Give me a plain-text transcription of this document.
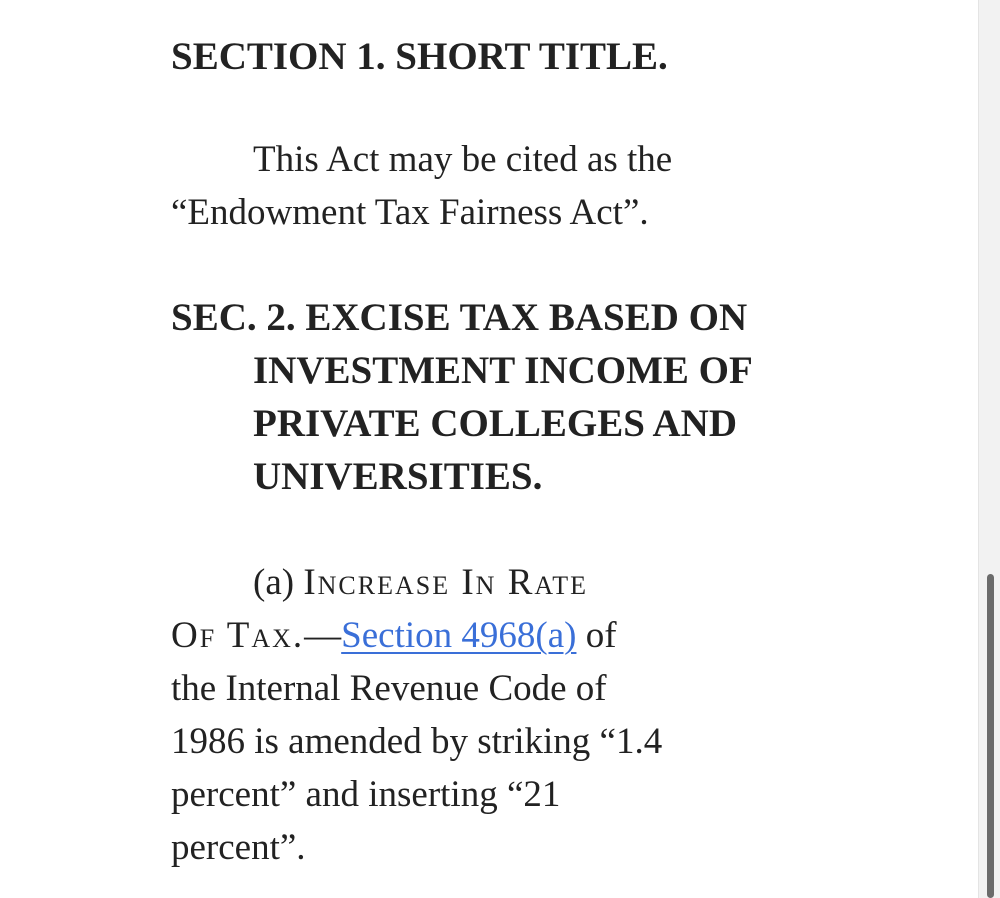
SECTION 1. SHORT TITLE.

This Act may be cited as the
“Endowment Tax Fairness Act”.

SEC. 2. EXCISE TAX BASED ON
INVESTMENT INCOME OF
PRIVATE COLLEGES AND
UNIVERSITIES.

(a) Increase In Rate
Of Tax.—Section 4968(a) of
the Internal Revenue Code of
1986 is amended by striking “1.4
percent” and inserting “21
percent”.
